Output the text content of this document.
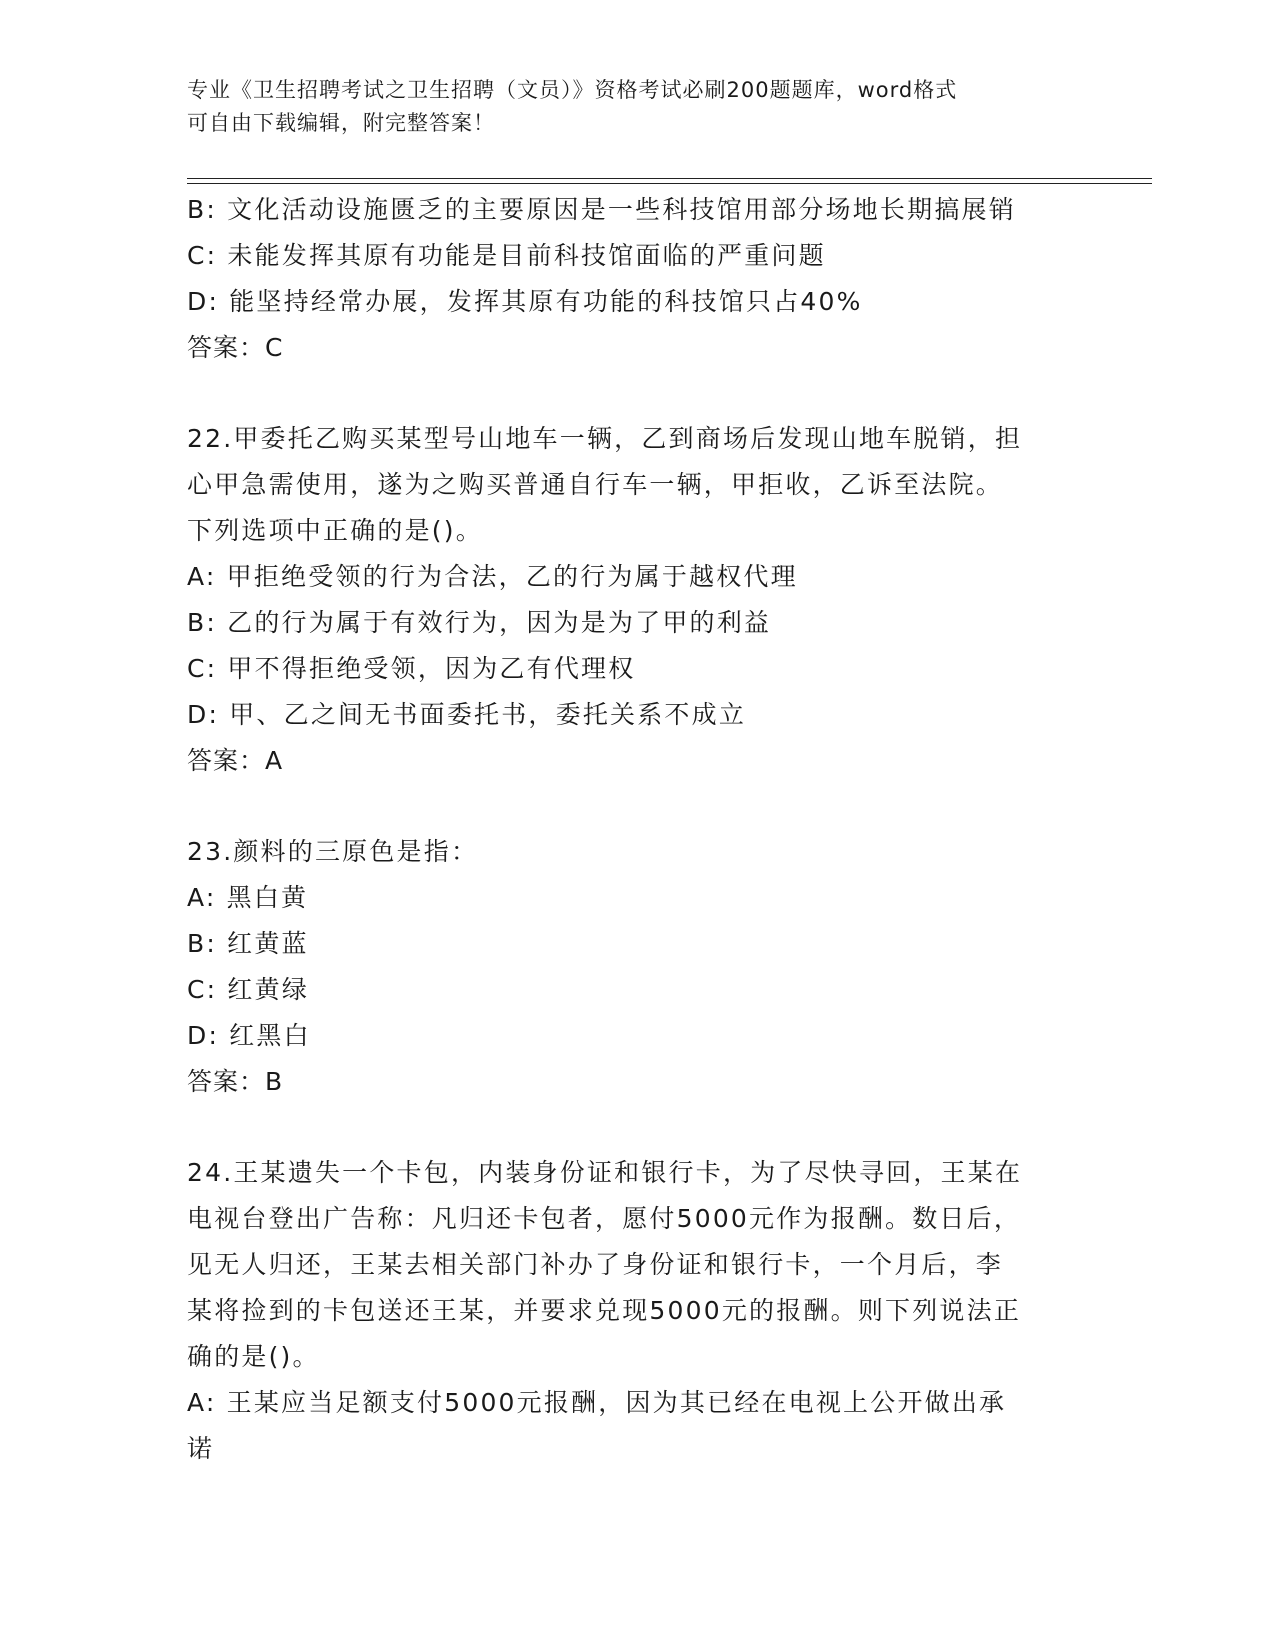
专业《卫生招聘考试之卫生招聘（文员）》资格考试必刷200题题库，word格式
可自由下载编辑，附完整答案！
B: 文化活动设施匮乏的主要原因是一些科技馆用部分场地长期搞展销
C: 未能发挥其原有功能是目前科技馆面临的严重问题
D: 能坚持经常办展，发挥其原有功能的科技馆只占40%
答案：C
22.甲委托乙购买某型号山地车一辆，乙到商场后发现山地车脱销，担
心甲急需使用，遂为之购买普通自行车一辆，甲拒收，乙诉至法院。
下列选项中正确的是()。
A: 甲拒绝受领的行为合法，乙的行为属于越权代理
B: 乙的行为属于有效行为，因为是为了甲的利益
C: 甲不得拒绝受领，因为乙有代理权
D: 甲、乙之间无书面委托书，委托关系不成立
答案：A
23.颜料的三原色是指：
A: 黑白黄
B: 红黄蓝
C: 红黄绿
D: 红黑白
答案：B
24.王某遗失一个卡包，内装身份证和银行卡，为了尽快寻回，王某在
电视台登出广告称：凡归还卡包者，愿付5000元作为报酬。数日后，
见无人归还，王某去相关部门补办了身份证和银行卡，一个月后，李
某将捡到的卡包送还王某，并要求兑现5000元的报酬。则下列说法正
确的是()。
A: 王某应当足额支付5000元报酬，因为其已经在电视上公开做出承
诺
